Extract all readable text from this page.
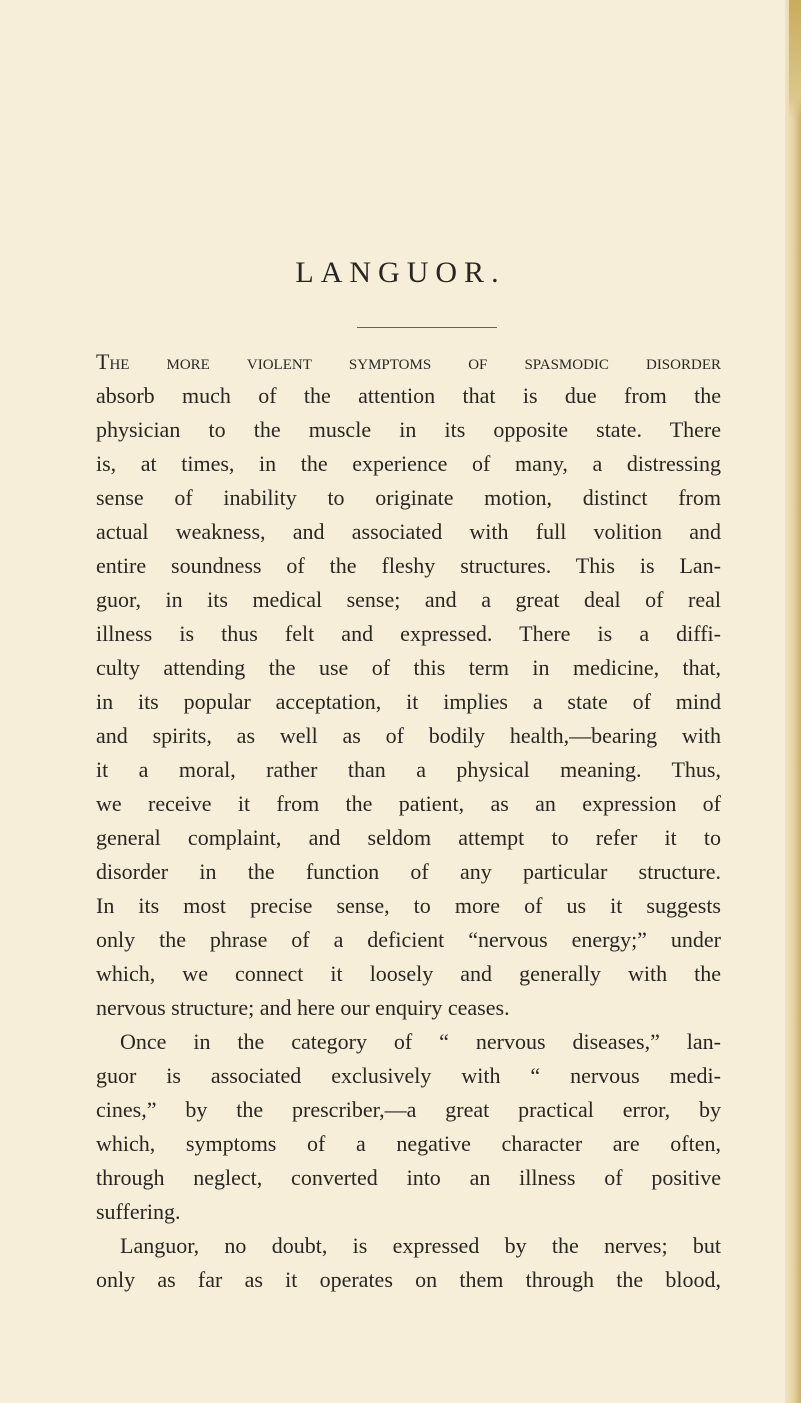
LANGUOR.
The more violent symptoms of spasmodic disorder
absorb much of the attention that is due from the
physician to the muscle in its opposite state. There
is, at times, in the experience of many, a distressing
sense of inability to originate motion, distinct from
actual weakness, and associated with full volition and
entire soundness of the fleshy structures. This is Lan-
guor, in its medical sense; and a great deal of real
illness is thus felt and expressed. There is a diffi-
culty attending the use of this term in medicine, that,
in its popular acceptation, it implies a state of mind
and spirits, as well as of bodily health,—bearing with
it a moral, rather than a physical meaning. Thus,
we receive it from the patient, as an expression of
general complaint, and seldom attempt to refer it to
disorder in the function of any particular structure.
In its most precise sense, to more of us it suggests
only the phrase of a deficient “nervous energy;” under
which, we connect it loosely and generally with the
nervous structure; and here our enquiry ceases.
Once in the category of “ nervous diseases,” lan-
guor is associated exclusively with “ nervous medi-
cines,” by the prescriber,—a great practical error, by
which, symptoms of a negative character are often,
through neglect, converted into an illness of positive
suffering.
Languor, no doubt, is expressed by the nerves; but
only as far as it operates on them through the blood,
